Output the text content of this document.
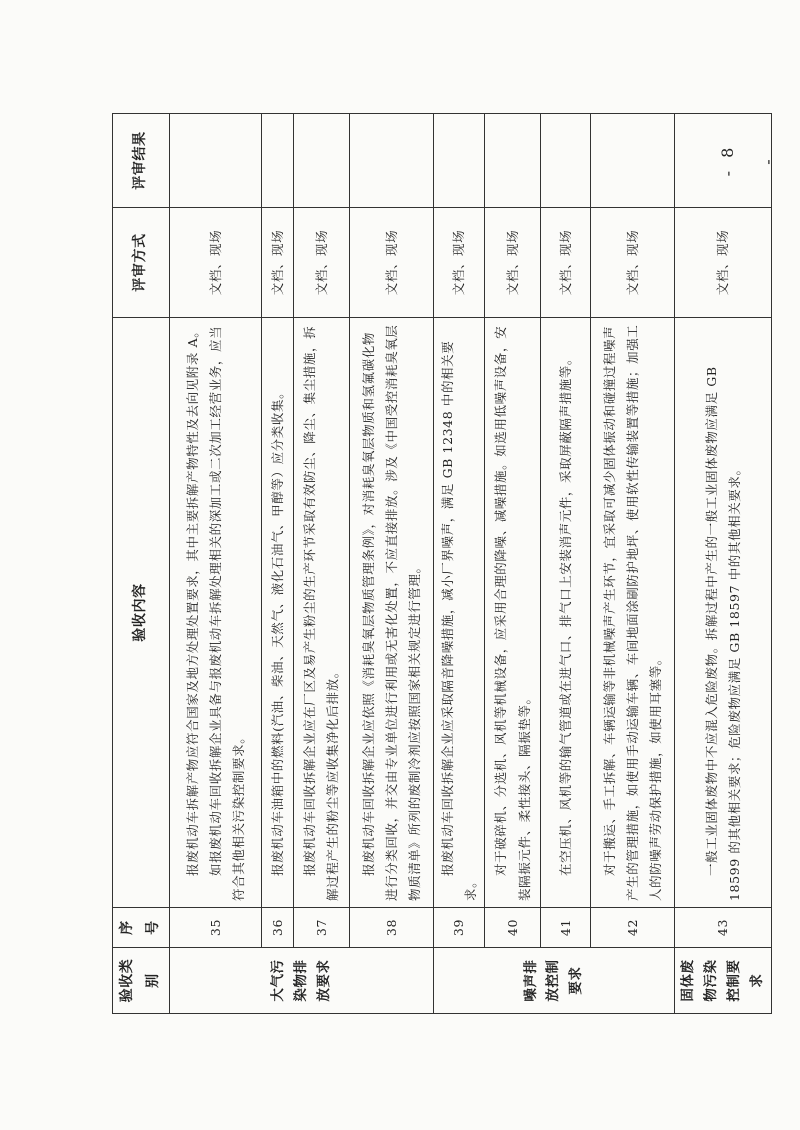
验收类别	序号	验收内容	评审方式	评审结果
大气污染物排放要求	35	报废机动车拆解产物应符合国家及地方处理处置要求，其中主要拆解产物特性及去向见附录 A。 如报废机动车回收拆解企业具备与报废机动车拆解处理相关的深加工或二次加工经营业务，应当符合其他相关污染控制要求。	文档、现场	
	36	报废机动车油箱中的燃料(汽油、柴油、天然气、液化石油气、甲醇等）应分类收集。	文档、现场	
	37	报废机动车回收拆解企业应在厂区及易产生粉尘的生产环节采取有效防尘、降尘、集尘措施，拆解过程产生的粉尘等应收集净化后排放。	文档、现场	
	38	报废机动车回收拆解企业应依照《消耗臭氧层物质管理条例》，对消耗臭氧层物质和氢氟碳化物进行分类回收，并交由专业单位进行利用或无害化处置，不应直接排放。涉及《中国受控消耗臭氧层物质清单》所列的废制冷剂应按照国家相关规定进行管理。	文档、现场	
噪声排放控制要求	39	报废机动车回收拆解企业应采取隔音降噪措施，减小厂界噪声，满足 GB 12348 中的相关要求。	文档、现场	
	40	对于破碎机、分选机、风机等机械设备，应采用合理的降噪、减噪措施。如选用低噪声设备，安装隔振元件、柔性接头、隔振垫等。	文档、现场	
	41	在空压机、风机等的输气管道或在进气口、排气口上安装消声元件，采取屏蔽隔声措施等。	文档、现场	
	42	对于搬运、手工拆解、车辆运输等非机械噪声产生环节，宜采取可减少固体振动和碰撞过程噪声产生的管理措施，如使用手动运输车辆、车间地面涂刷防护地坪、使用软性传输装置等措施；加强工人的防噪声劳动保护措施，如使用耳塞等。	文档、现场	
固体废物污染控制要求	43	一般工业固体废物中不应混入危险废物。拆解过程中产生的一般工业固体废物应满足 GB 18599 的其他相关要求；危险废物应满足 GB 18597 中的其他相关要求。	文档、现场	
- 8 -
